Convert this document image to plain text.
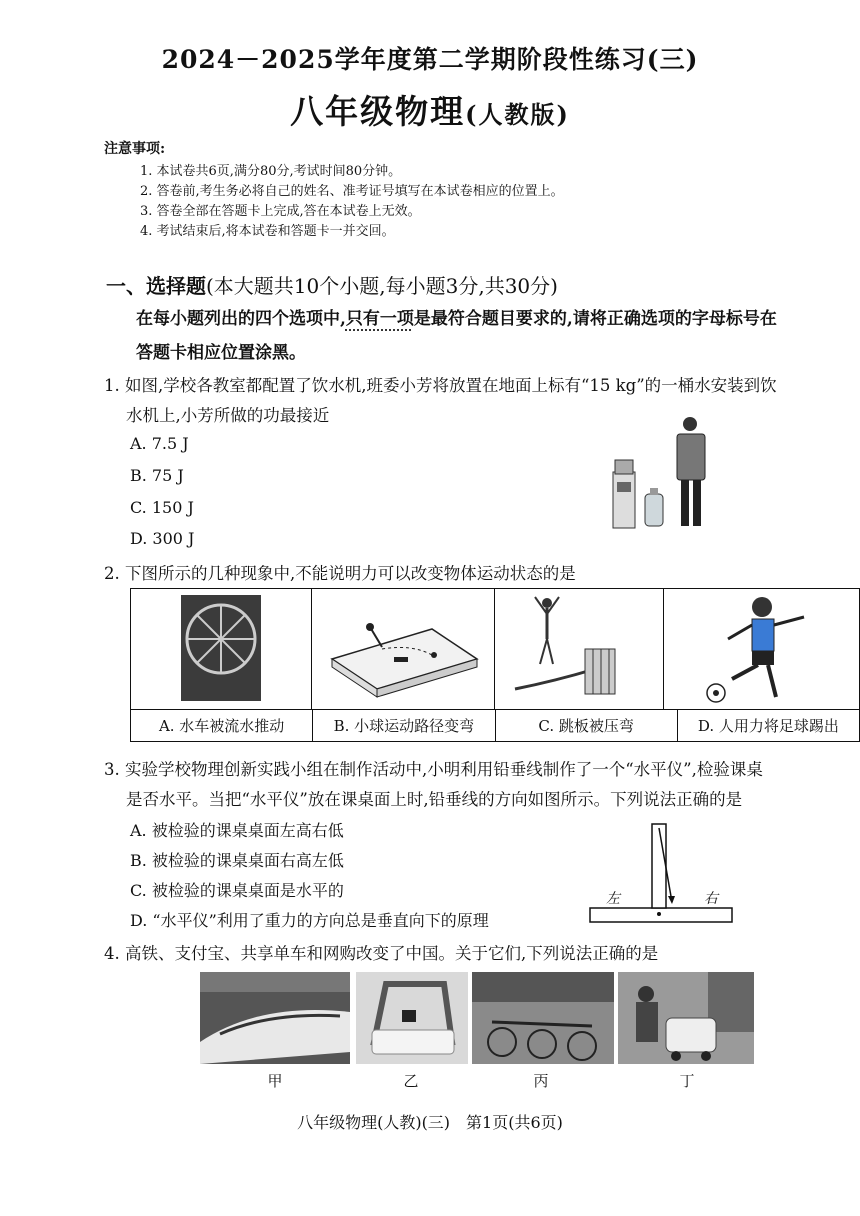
2024－2025学年度第二学期阶段性练习(三)
八年级物理(人教版)
注意事项:
1. 本试卷共6页,满分80分,考试时间80分钟。
2. 答卷前,考生务必将自己的姓名、准考证号填写在本试卷相应的位置上。
3. 答卷全部在答题卡上完成,答在本试卷上无效。
4. 考试结束后,将本试卷和答题卡一并交回。
一、选择题(本大题共10个小题,每小题3分,共30分)
在每小题列出的四个选项中,只有一项是最符合题目要求的,请将正确选项的字母标号在
答题卡相应位置涂黑。
1. 如图,学校各教室都配置了饮水机,班委小芳将放置在地面上标有“15 kg”的一桶水安装到饮
水机上,小芳所做的功最接近
A. 7.5 J
B. 75 J
C. 150 J
D. 300 J
2. 下图所示的几种现象中,不能说明力可以改变物体运动状态的是
A. 水车被流水推动	B. 小球运动路径变弯	C. 跳板被压弯	D. 人用力将足球踢出
3. 实验学校物理创新实践小组在制作活动中,小明利用铅垂线制作了一个“水平仪”,检验课桌
是否水平。当把“水平仪”放在课桌面上时,铅垂线的方向如图所示。下列说法正确的是
A. 被检验的课桌桌面左高右低
B. 被检验的课桌桌面右高左低
C. 被检验的课桌桌面是水平的
D. “水平仪”利用了重力的方向总是垂直向下的原理
左	右
4. 高铁、支付宝、共享单车和网购改变了中国。关于它们,下列说法正确的是
甲	乙	丙	丁
八年级物理(人教)(三)　第1页(共6页)
